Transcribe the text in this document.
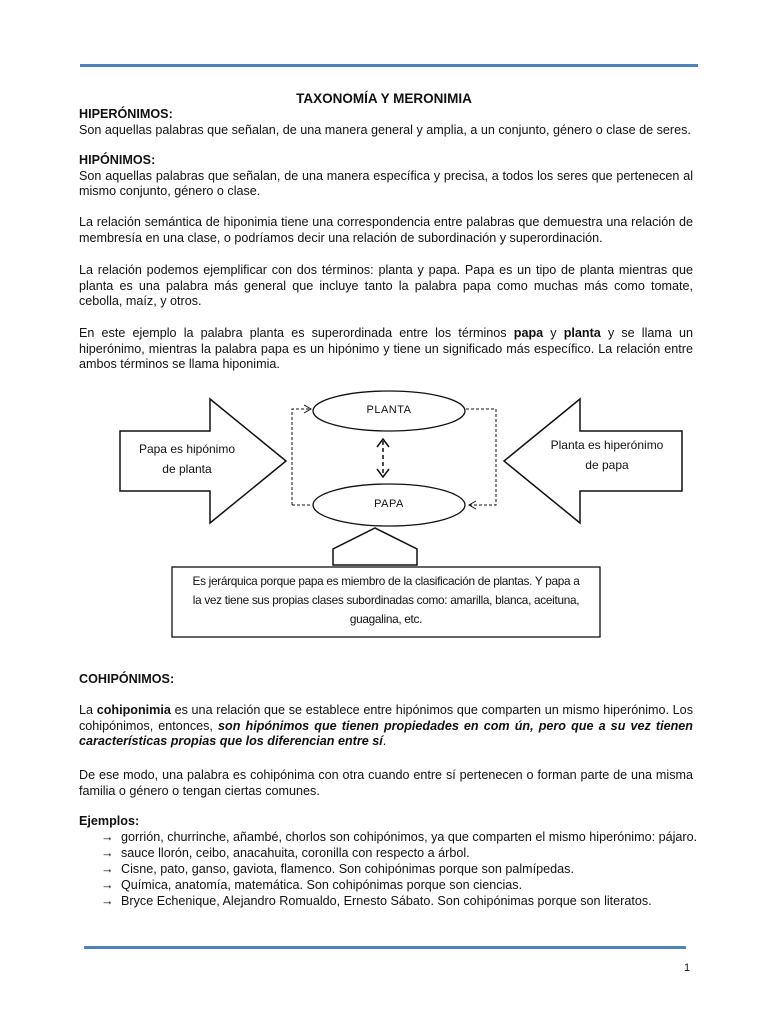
TAXONOMÍA Y MERONIMIA
HIPERÓNIMOS:

Son aquellas palabras que señalan, de una manera general y amplia, a un conjunto, género o clase de seres.

HIPÓNIMOS:

Son aquellas palabras que señalan, de una manera específica y precisa, a todos los seres que pertenecen al mismo conjunto, género o clase.

La relación semántica de hiponimia tiene una correspondencia entre palabras que demuestra una relación de membresía en una clase, o podríamos decir una relación de subordinación y superordinación.

La relación podemos ejemplificar con dos términos: planta y papa. Papa es un tipo de planta mientras que planta es una palabra más general que incluye tanto la palabra papa como muchas más como tomate, cebolla, maíz, y otros.

En este ejemplo la palabra planta es superordinada entre los términos papa y planta y se llama un hiperónimo, mientras la palabra papa es un hipónimo y tiene un significado más específico. La relación entre ambos términos se llama hiponimia.

PLANTA
PAPA
Papa es hipónimo
de planta
Planta es hiperónimo
de papa
Es jerárquica porque papa es miembro de la clasificación de plantas. Y papa a
la vez tiene sus propias clases subordinadas como: amarilla, blanca, aceituna,
guagalina, etc.
COHIPÓNIMOS:

La cohiponimia es una relación que se establece entre hipónimos que comparten un mismo hiperónimo. Los cohipónimos, entonces, son hipónimos que tienen propiedades en com ún, pero que a su vez tienen características propias que los diferencian entre sí.

De ese modo, una palabra es cohipónima con otra cuando entre sí pertenecen o forman parte de una misma familia o género o tengan ciertas comunes.

Ejemplos:
→ gorrión, churrinche, añambé, chorlos son cohipónimos, ya que comparten el mismo hiperónimo: pájaro.
→ sauce llorón, ceibo, anacahuita, coronilla con respecto a árbol.
→ Cisne, pato, ganso, gaviota, flamenco. Son cohipónimas porque son palmípedas.
→ Química, anatomía, matemática. Son cohipónimas porque son ciencias.
→ Bryce Echenique, Alejandro Romualdo, Ernesto Sábato. Son cohipónimas porque son literatos.
1
